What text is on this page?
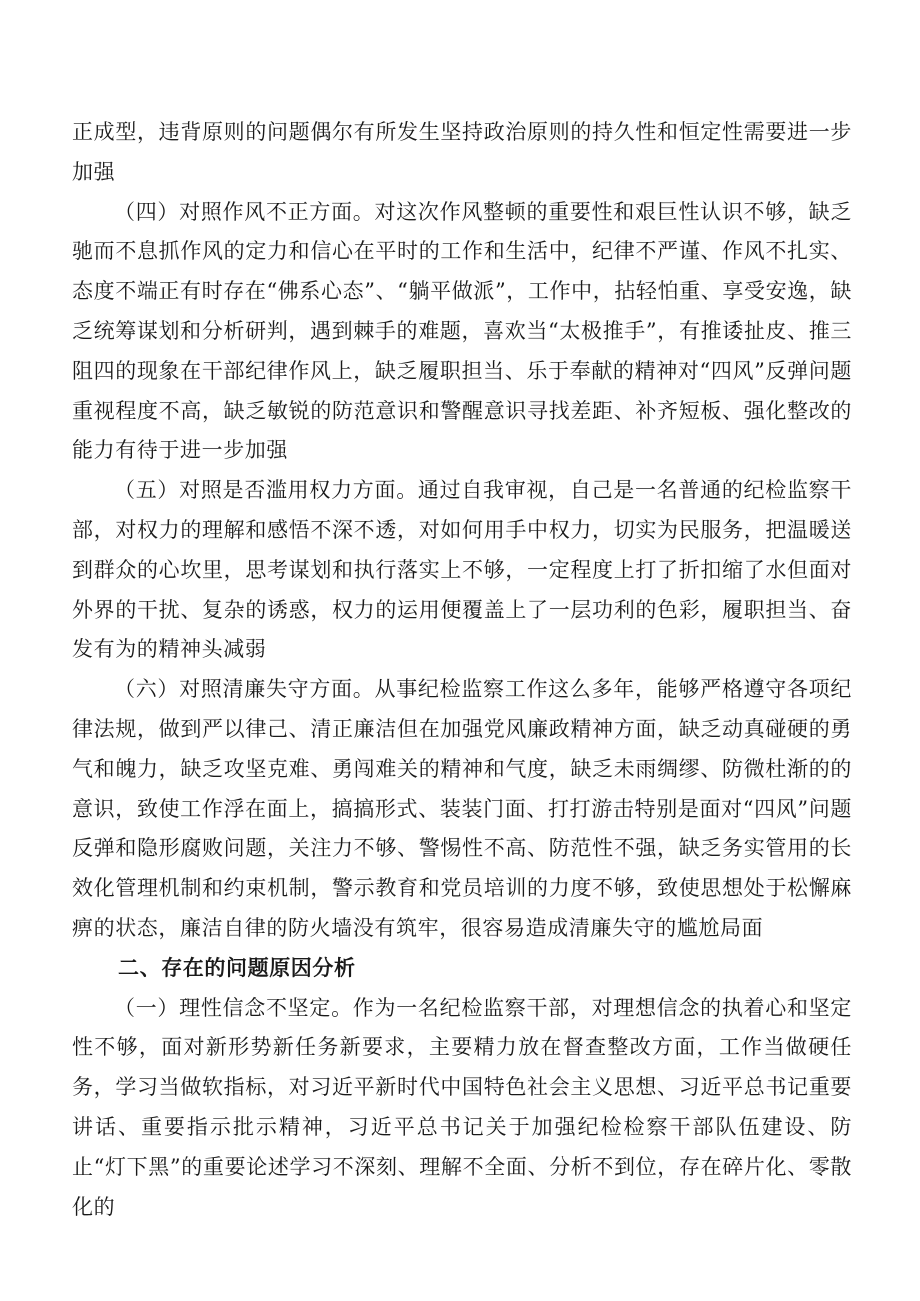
正成型，违背原则的问题偶尔有所发生坚持政治原则的持久性和恒定性需要进一步加强

（四）对照作风不正方面。对这次作风整顿的重要性和艰巨性认识不够，缺乏驰而不息抓作风的定力和信心在平时的工作和生活中，纪律不严谨、作风不扎实、态度不端正有时存在“佛系心态”、“躺平做派”，工作中，拈轻怕重、享受安逸，缺乏统筹谋划和分析研判，遇到棘手的难题，喜欢当“太极推手”，有推诿扯皮、推三阻四的现象在干部纪律作风上，缺乏履职担当、乐于奉献的精神对“四风”反弹问题重视程度不高，缺乏敏锐的防范意识和警醒意识寻找差距、补齐短板、强化整改的能力有待于进一步加强

（五）对照是否滥用权力方面。通过自我审视，自己是一名普通的纪检监察干部，对权力的理解和感悟不深不透，对如何用手中权力，切实为民服务，把温暖送到群众的心坎里，思考谋划和执行落实上不够，一定程度上打了折扣缩了水但面对外界的干扰、复杂的诱惑，权力的运用便覆盖上了一层功利的色彩，履职担当、奋发有为的精神头减弱

（六）对照清廉失守方面。从事纪检监察工作这么多年，能够严格遵守各项纪律法规，做到严以律己、清正廉洁但在加强党风廉政精神方面，缺乏动真碰硬的勇气和魄力，缺乏攻坚克难、勇闯难关的精神和气度，缺乏未雨绸缪、防微杜渐的的意识，致使工作浮在面上，搞搞形式、装装门面、打打游击特别是面对“四风”问题反弹和隐形腐败问题，关注力不够、警惕性不高、防范性不强，缺乏务实管用的长效化管理机制和约束机制，警示教育和党员培训的力度不够，致使思想处于松懈麻痹的状态，廉洁自律的防火墙没有筑牢，很容易造成清廉失守的尴尬局面

二、存在的问题原因分析

（一）理性信念不坚定。作为一名纪检监察干部，对理想信念的执着心和坚定性不够，面对新形势新任务新要求，主要精力放在督查整改方面，工作当做硬任务，学习当做软指标，对习近平新时代中国特色社会主义思想、习近平总书记重要讲话、重要指示批示精神，习近平总书记关于加强纪检检察干部队伍建设、防止“灯下黑”的重要论述学习不深刻、理解不全面、分析不到位，存在碎片化、零散化的
